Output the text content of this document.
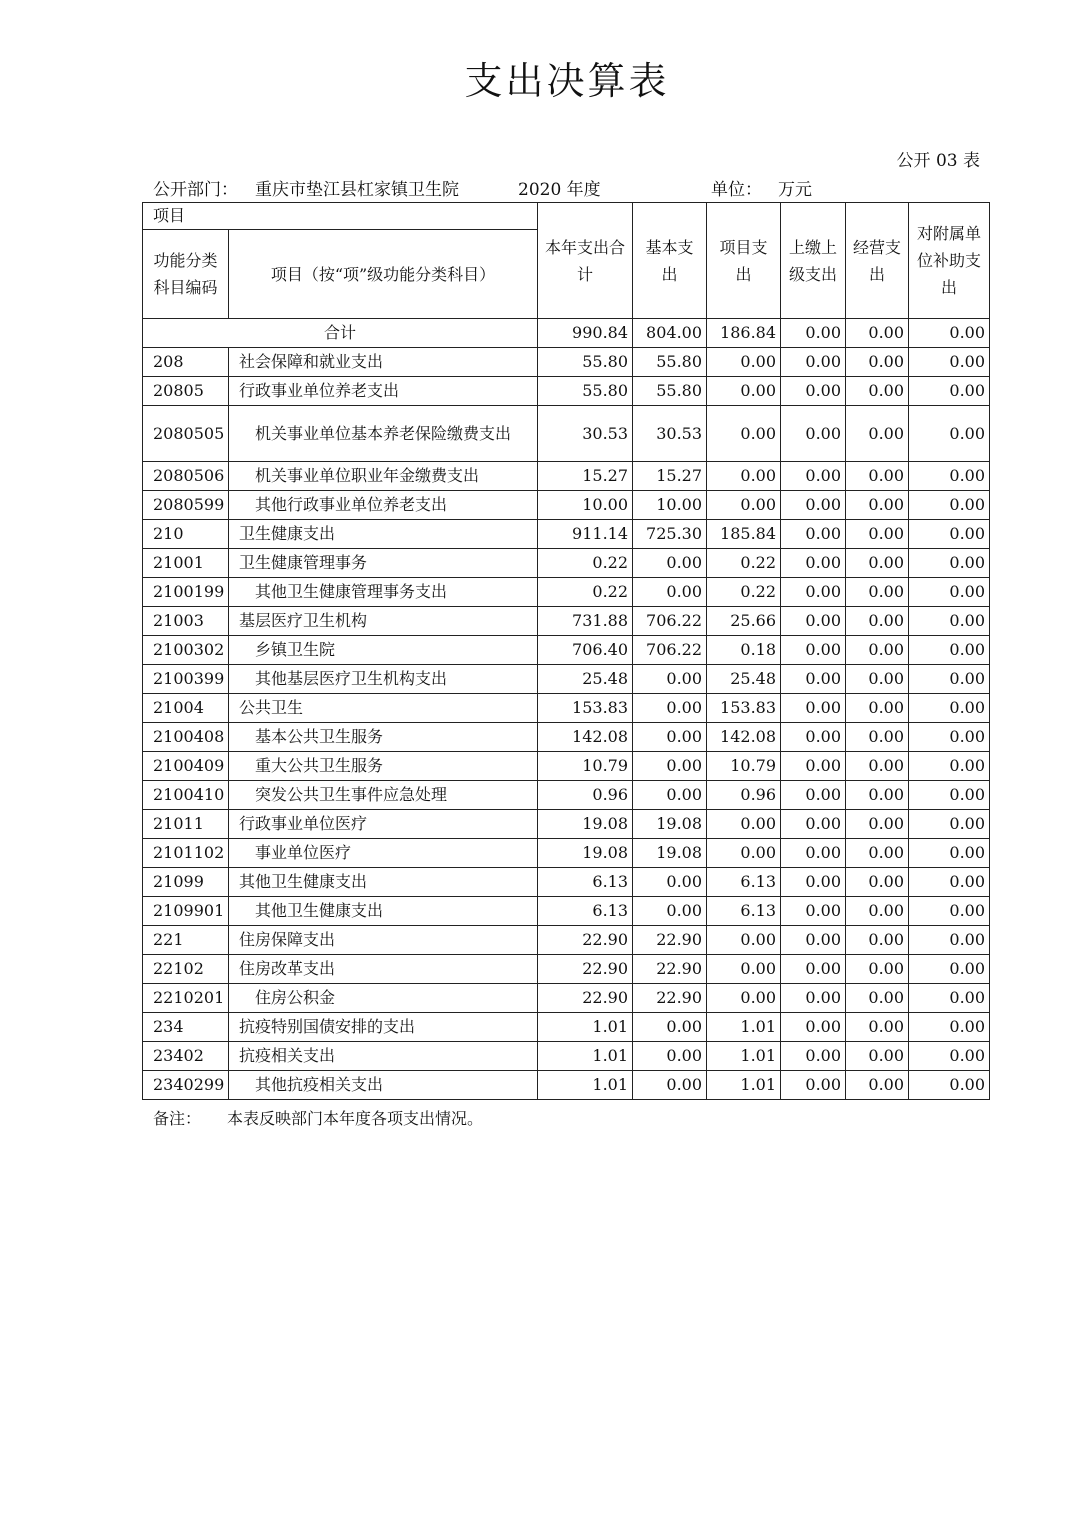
支出决算表
公开 03 表
公开部门： 重庆市垫江县杠家镇卫生院	2020 年度	单位： 万元
项目		本年支出合计	基本支出	项目支出	上缴上级支出	经营支出	对附属单位补助支出
功能分类科目编码	项目（按“项”级功能分类科目）						
合计		990.84	804.00	186.84	0.00	0.00	0.00
208	社会保障和就业支出	55.80	55.80	0.00	0.00	0.00	0.00
20805	行政事业单位养老支出	55.80	55.80	0.00	0.00	0.00	0.00
2080505	机关事业单位基本养老保险缴费支出	30.53	30.53	0.00	0.00	0.00	0.00
2080506	机关事业单位职业年金缴费支出	15.27	15.27	0.00	0.00	0.00	0.00
2080599	其他行政事业单位养老支出	10.00	10.00	0.00	0.00	0.00	0.00
210	卫生健康支出	911.14	725.30	185.84	0.00	0.00	0.00
21001	卫生健康管理事务	0.22	0.00	0.22	0.00	0.00	0.00
2100199	其他卫生健康管理事务支出	0.22	0.00	0.22	0.00	0.00	0.00
21003	基层医疗卫生机构	731.88	706.22	25.66	0.00	0.00	0.00
2100302	乡镇卫生院	706.40	706.22	0.18	0.00	0.00	0.00
2100399	其他基层医疗卫生机构支出	25.48	0.00	25.48	0.00	0.00	0.00
21004	公共卫生	153.83	0.00	153.83	0.00	0.00	0.00
2100408	基本公共卫生服务	142.08	0.00	142.08	0.00	0.00	0.00
2100409	重大公共卫生服务	10.79	0.00	10.79	0.00	0.00	0.00
2100410	突发公共卫生事件应急处理	0.96	0.00	0.96	0.00	0.00	0.00
21011	行政事业单位医疗	19.08	19.08	0.00	0.00	0.00	0.00
2101102	事业单位医疗	19.08	19.08	0.00	0.00	0.00	0.00
21099	其他卫生健康支出	6.13	0.00	6.13	0.00	0.00	0.00
2109901	其他卫生健康支出	6.13	0.00	6.13	0.00	0.00	0.00
221	住房保障支出	22.90	22.90	0.00	0.00	0.00	0.00
22102	住房改革支出	22.90	22.90	0.00	0.00	0.00	0.00
2210201	住房公积金	22.90	22.90	0.00	0.00	0.00	0.00
234	抗疫特别国债安排的支出	1.01	0.00	1.01	0.00	0.00	0.00
23402	抗疫相关支出	1.01	0.00	1.01	0.00	0.00	0.00
2340299	其他抗疫相关支出	1.01	0.00	1.01	0.00	0.00	0.00
备注： 本表反映部门本年度各项支出情况。
